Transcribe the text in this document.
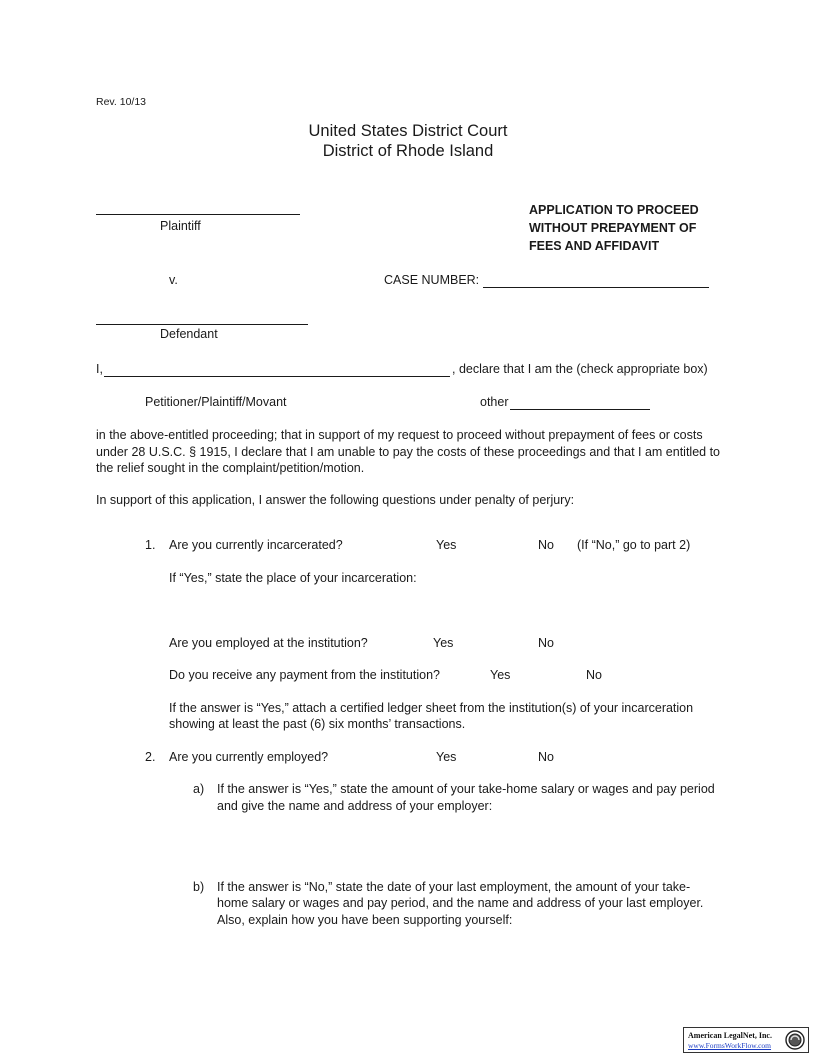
Rev. 10/13
United States District Court
District of Rhode Island
Plaintiff
APPLICATION TO PROCEED
WITHOUT PREPAYMENT OF
FEES AND AFFIDAVIT
v.	CASE NUMBER:
Defendant
I,	, declare that I am the (check appropriate box)
Petitioner/Plaintiff/Movant	other
in the above-entitled proceeding; that in support of my request to proceed without prepayment of fees or costs under 28 U.S.C. § 1915, I declare that I am unable to pay the costs of these proceedings and that I am entitled to the relief sought in the complaint/petition/motion.
In support of this application, I answer the following questions under penalty of perjury:
1. Are you currently incarcerated?	Yes	No (If “No,” go to part 2)
If “Yes,” state the place of your incarceration:
Are you employed at the institution?	Yes	No
Do you receive any payment from the institution?	Yes	No
If the answer is “Yes,” attach a certified ledger sheet from the institution(s) of your incarceration
showing at least the past (6) six months’ transactions.
2. Are you currently employed?	Yes	No
a) If the answer is “Yes,” state the amount of your take-home salary or wages and pay period
and give the name and address of your employer:
b) If the answer is “No,” state the date of your last employment, the amount of your take-
home salary or wages and pay period, and the name and address of your last employer.
Also, explain how you have been supporting yourself:
American LegalNet, Inc.
www.FormsWorkFlow.com
